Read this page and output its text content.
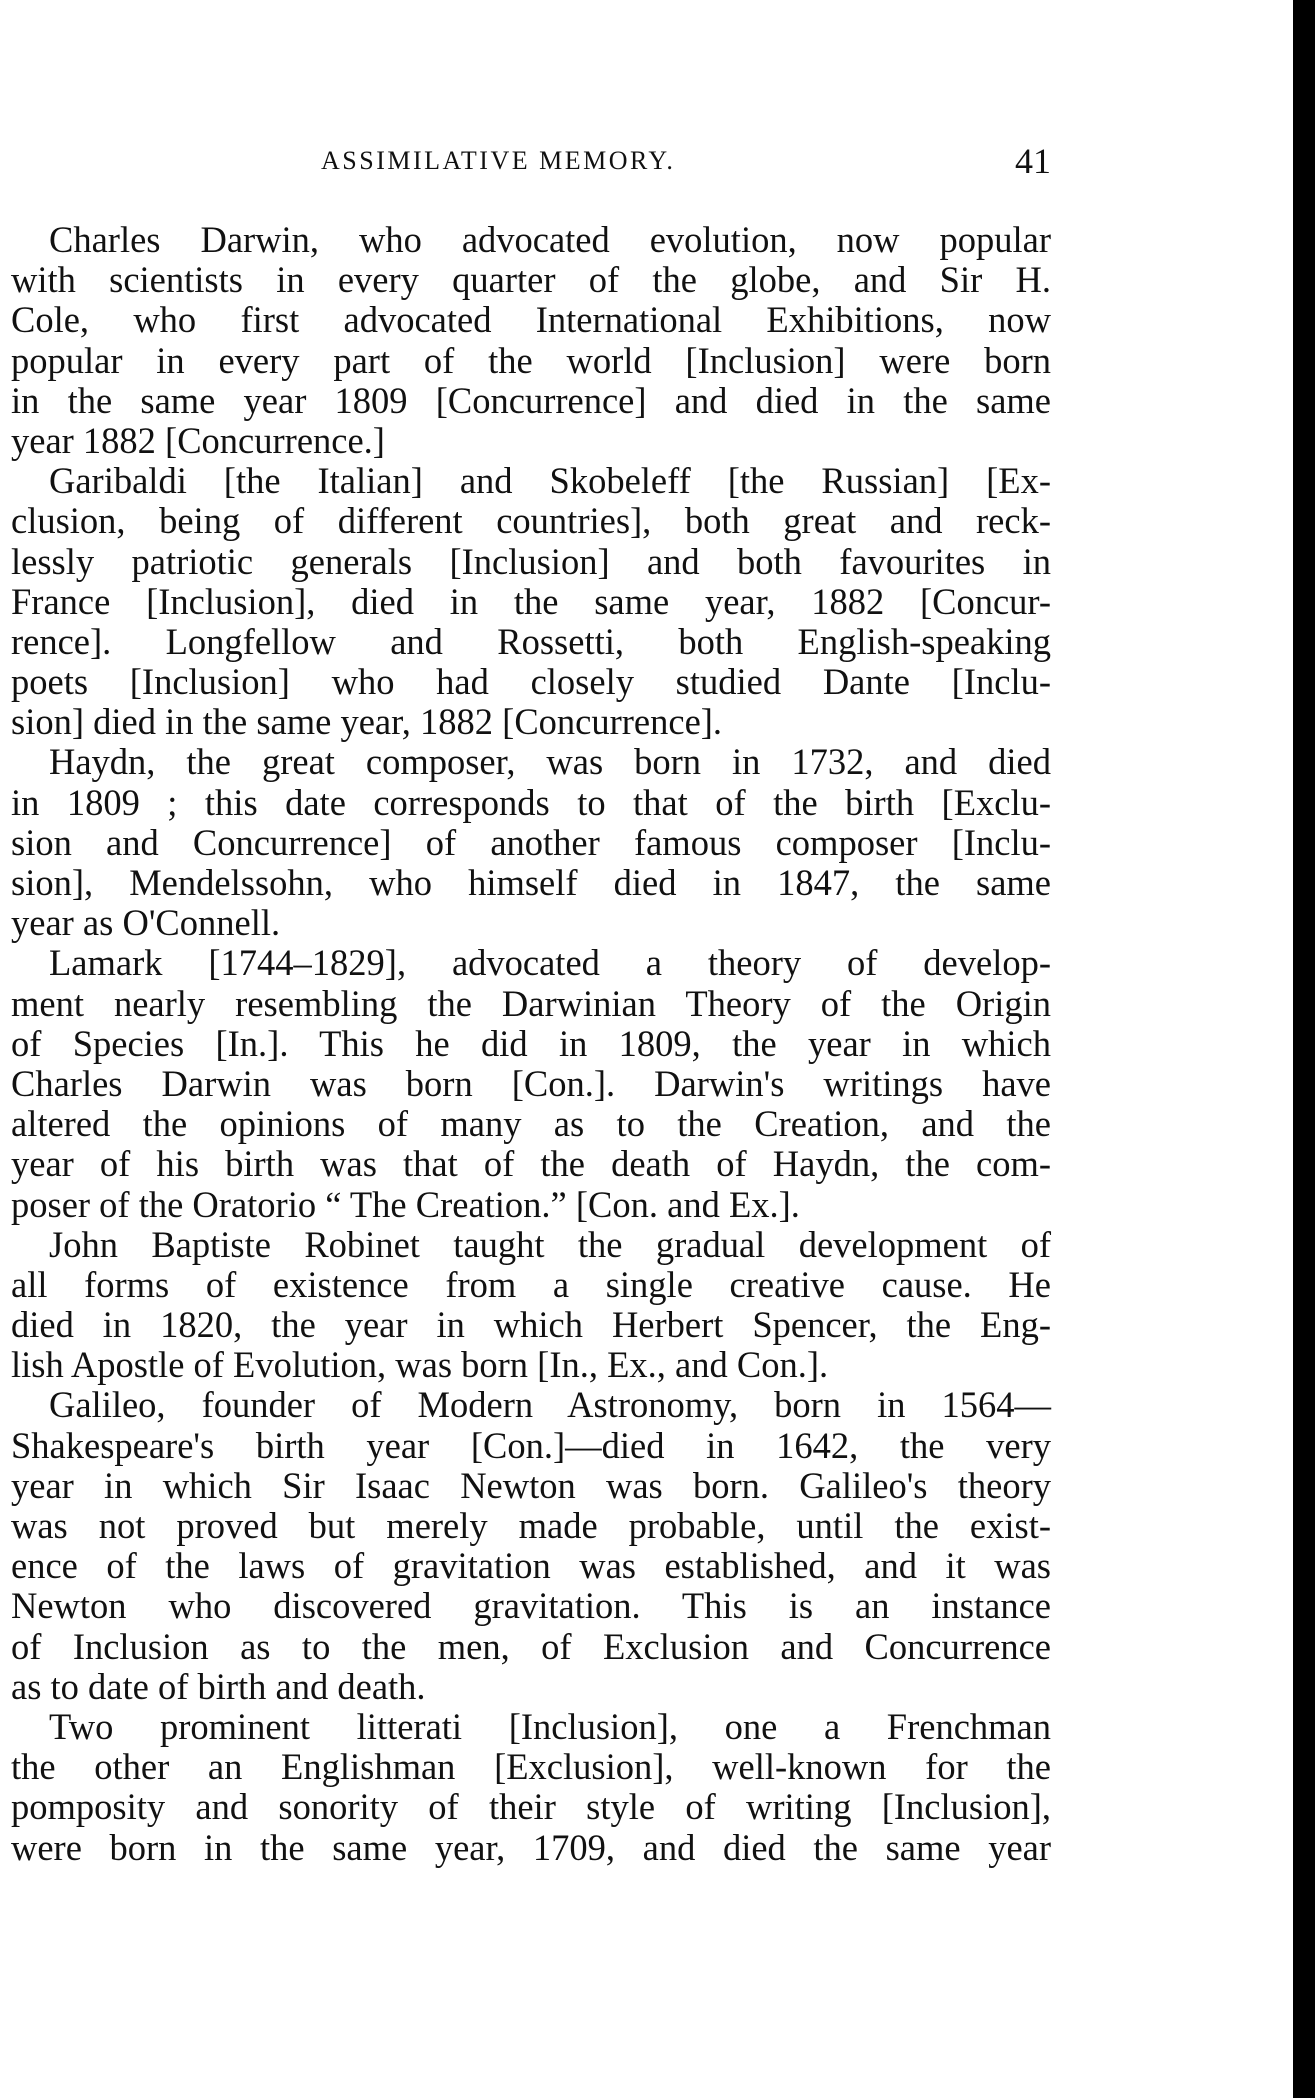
ASSIMILATIVE MEMORY.	41
Charles Darwin, who advocated evolution, now popular
with scientists in every quarter of the globe, and Sir H.
Cole, who first advocated International Exhibitions, now
popular in every part of the world [Inclusion] were born
in the same year 1809 [Concurrence] and died in the same
year 1882 [Concurrence.]
Garibaldi [the Italian] and Skobeleff [the Russian] [Ex-
clusion, being of different countries], both great and reck-
lessly patriotic generals [Inclusion] and both favourites in
France [Inclusion], died in the same year, 1882 [Concur-
rence]. Longfellow and Rossetti, both English-speaking
poets [Inclusion] who had closely studied Dante [Inclu-
sion] died in the same year, 1882 [Concurrence].
Haydn, the great composer, was born in 1732, and died
in 1809 ; this date corresponds to that of the birth [Exclu-
sion and Concurrence] of another famous composer [Inclu-
sion], Mendelssohn, who himself died in 1847, the same
year as O'Connell.
Lamark [1744–1829], advocated a theory of develop-
ment nearly resembling the Darwinian Theory of the Origin
of Species [In.]. This he did in 1809, the year in which
Charles Darwin was born [Con.]. Darwin's writings have
altered the opinions of many as to the Creation, and the
year of his birth was that of the death of Haydn, the com-
poser of the Oratorio “ The Creation.” [Con. and Ex.].
John Baptiste Robinet taught the gradual development of
all forms of existence from a single creative cause. He
died in 1820, the year in which Herbert Spencer, the Eng-
lish Apostle of Evolution, was born [In., Ex., and Con.].
Galileo, founder of Modern Astronomy, born in 1564—
Shakespeare's birth year [Con.]—died in 1642, the very
year in which Sir Isaac Newton was born. Galileo's theory
was not proved but merely made probable, until the exist-
ence of the laws of gravitation was established, and it was
Newton who discovered gravitation. This is an instance
of Inclusion as to the men, of Exclusion and Concurrence
as to date of birth and death.
Two prominent litterati [Inclusion], one a Frenchman
the other an Englishman [Exclusion], well-known for the
pomposity and sonority of their style of writing [Inclusion],
were born in the same year, 1709, and died the same year
